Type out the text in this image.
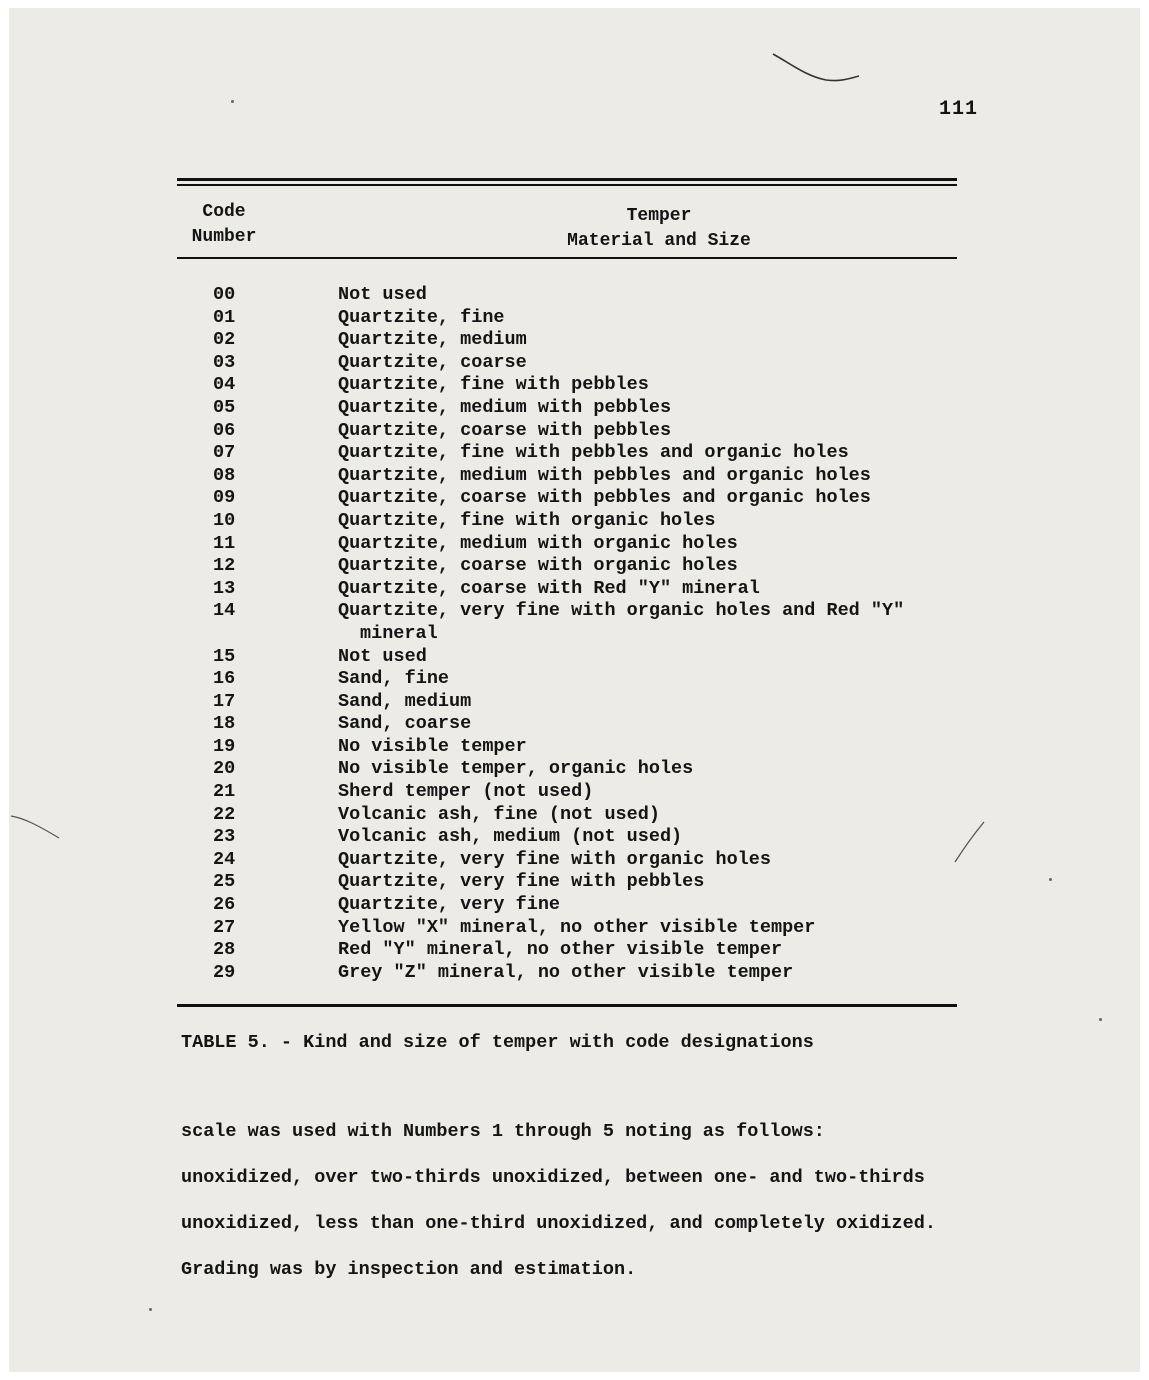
111
Code
Number
Temper
Material and Size
00	Not used
01	Quartzite, fine
02	Quartzite, medium
03	Quartzite, coarse
04	Quartzite, fine with pebbles
05	Quartzite, medium with pebbles
06	Quartzite, coarse with pebbles
07	Quartzite, fine with pebbles and organic holes
08	Quartzite, medium with pebbles and organic holes
09	Quartzite, coarse with pebbles and organic holes
10	Quartzite, fine with organic holes
11	Quartzite, medium with organic holes
12	Quartzite, coarse with organic holes
13	Quartzite, coarse with Red "Y" mineral
14	Quartzite, very fine with organic holes and Red "Y"
mineral
15	Not used
16	Sand, fine
17	Sand, medium
18	Sand, coarse
19	No visible temper
20	No visible temper, organic holes
21	Sherd temper (not used)
22	Volcanic ash, fine (not used)
23	Volcanic ash, medium (not used)
24	Quartzite, very fine with organic holes
25	Quartzite, very fine with pebbles
26	Quartzite, very fine
27	Yellow "X" mineral, no other visible temper
28	Red "Y" mineral, no other visible temper
29	Grey "Z" mineral, no other visible temper
TABLE 5. - Kind and size of temper with code designations
scale was used with Numbers 1 through 5 noting as follows:
unoxidized, over two-thirds unoxidized, between one- and two-thirds
unoxidized, less than one-third unoxidized, and completely oxidized.
Grading was by inspection and estimation.
